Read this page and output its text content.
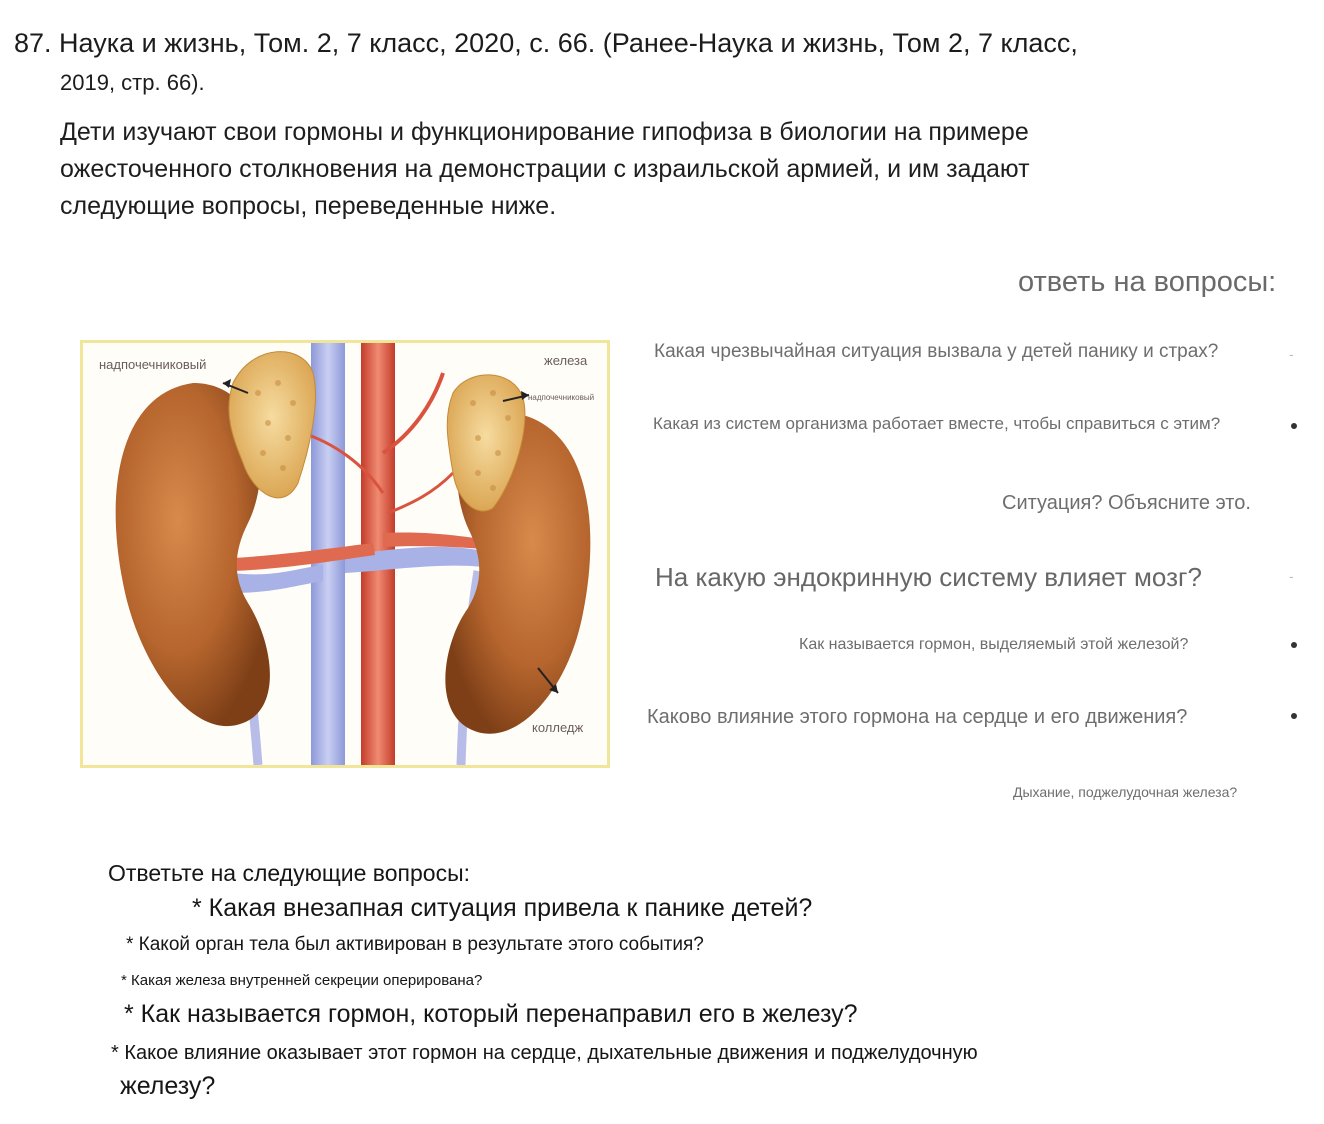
87. Наука и жизнь, Том. 2, 7 класс, 2020, с. 66. (Ранее-Наука и жизнь, Том 2, 7 класс,
2019, стр. 66).
Дети изучают свои гормоны и функционирование гипофиза в биологии на примере
ожесточенного столкновения на демонстрации с израильской армией, и им задают
следующие вопросы, переведенные ниже.
ответь на вопросы:
Какая чрезвычайная ситуация вызвала у детей панику и страх?	-
Какая из систем организма работает вместе, чтобы справиться с этим?
Ситуация? Объясните это.
На какую эндокринную систему влияет мозг?	-
Как называется гормон, выделяемый этой железой?
Каково влияние этого гормона на сердце и его движения?
Дыхание, поджелудочная железа?
надпочечниковый	железа
надпочечниковый
колледж
Ответьте на следующие вопросы:
* Какая внезапная ситуация привела к панике детей?
* Какой орган тела был активирован в результате этого события?
* Какая железа внутренней секреции оперирована?
* Как называется гормон, который перенаправил его в железу?
* Какое влияние оказывает этот гормон на сердце, дыхательные движения и поджелудочную
железу?
